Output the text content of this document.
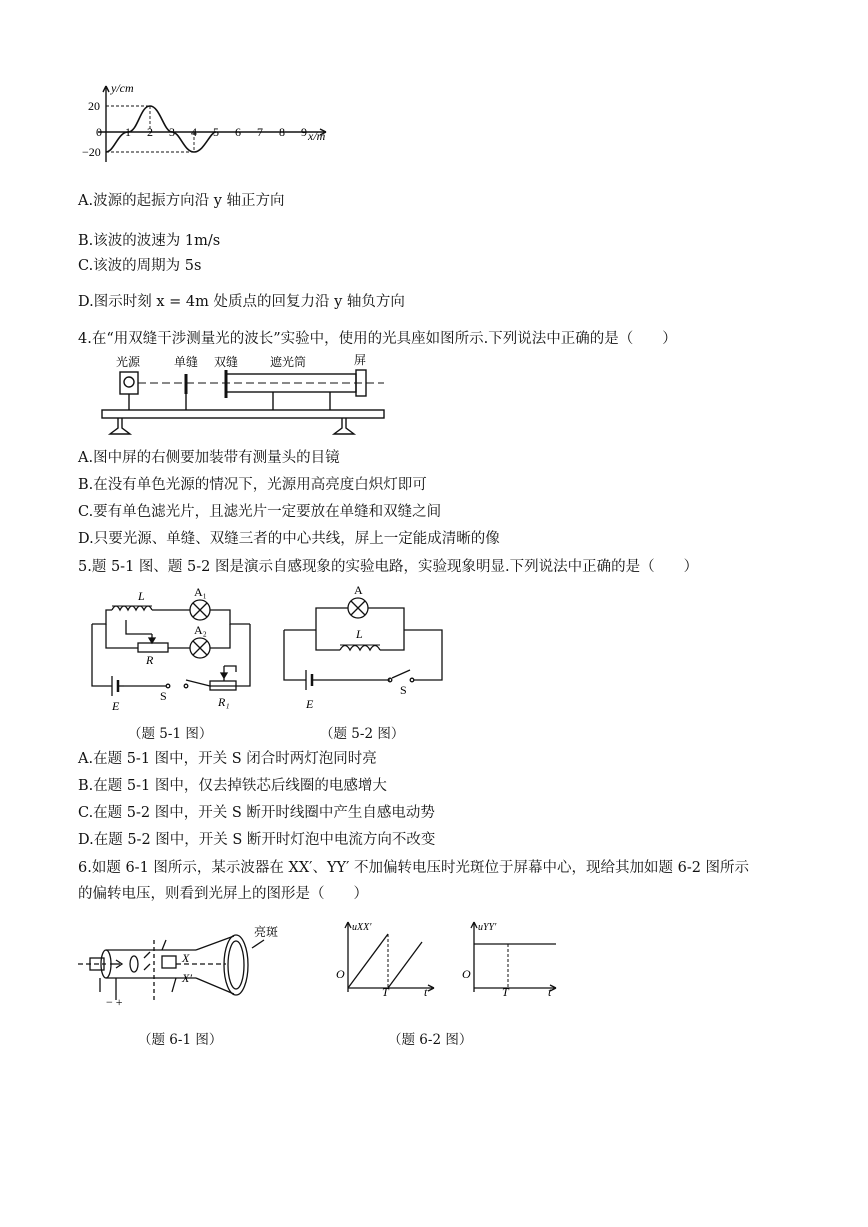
y/cm
20
−20
0	x/m
1 2 3 4 5 6 7 8 9
A.波源的起振方向沿 y 轴正方向
B.该波的波速为 1m/s
C.该波的周期为 5s
D.图示时刻 x = 4m 处质点的回复力沿 y 轴负方向
4.在“用双缝干涉测量光的波长”实验中，使用的光具座如图所示.下列说法中正确的是（　　）
光源	单缝 双缝	遮光筒	屏
A.图中屏的右侧要加装带有测量头的目镜
B.在没有单色光源的情况下，光源用高亮度白炽灯即可
C.要有单色滤光片，且滤光片一定要放在单缝和双缝之间
D.只要光源、单缝、双缝三者的中心共线，屏上一定能成清晰的像
5.题 5-1 图、题 5-2 图是演示自感现象的实验电路，实验现象明显.下列说法中正确的是（　　）
L	A₁
A₂
R
S
E	R₁
A
L
S
E
（题 5-1 图）	（题 5-2 图）
A.在题 5-1 图中，开关 S 闭合时两灯泡同时亮
B.在题 5-1 图中，仅去掉铁芯后线圈的电感增大
C.在题 5-2 图中，开关 S 断开时线圈中产生自感电动势
D.在题 5-2 图中，开关 S 断开时灯泡中电流方向不改变
6.如题 6-1 图所示，某示波器在 XX′、YY′ 不加偏转电压时光斑位于屏幕中心，现给其加如题 6-2 图所示
的偏转电压，则看到光屏上的图形是（　　）
亮斑
X
X′
− +
uXX′
O
T	t
uYY′
O
T	t
（题 6-1 图）	（题 6-2 图）
